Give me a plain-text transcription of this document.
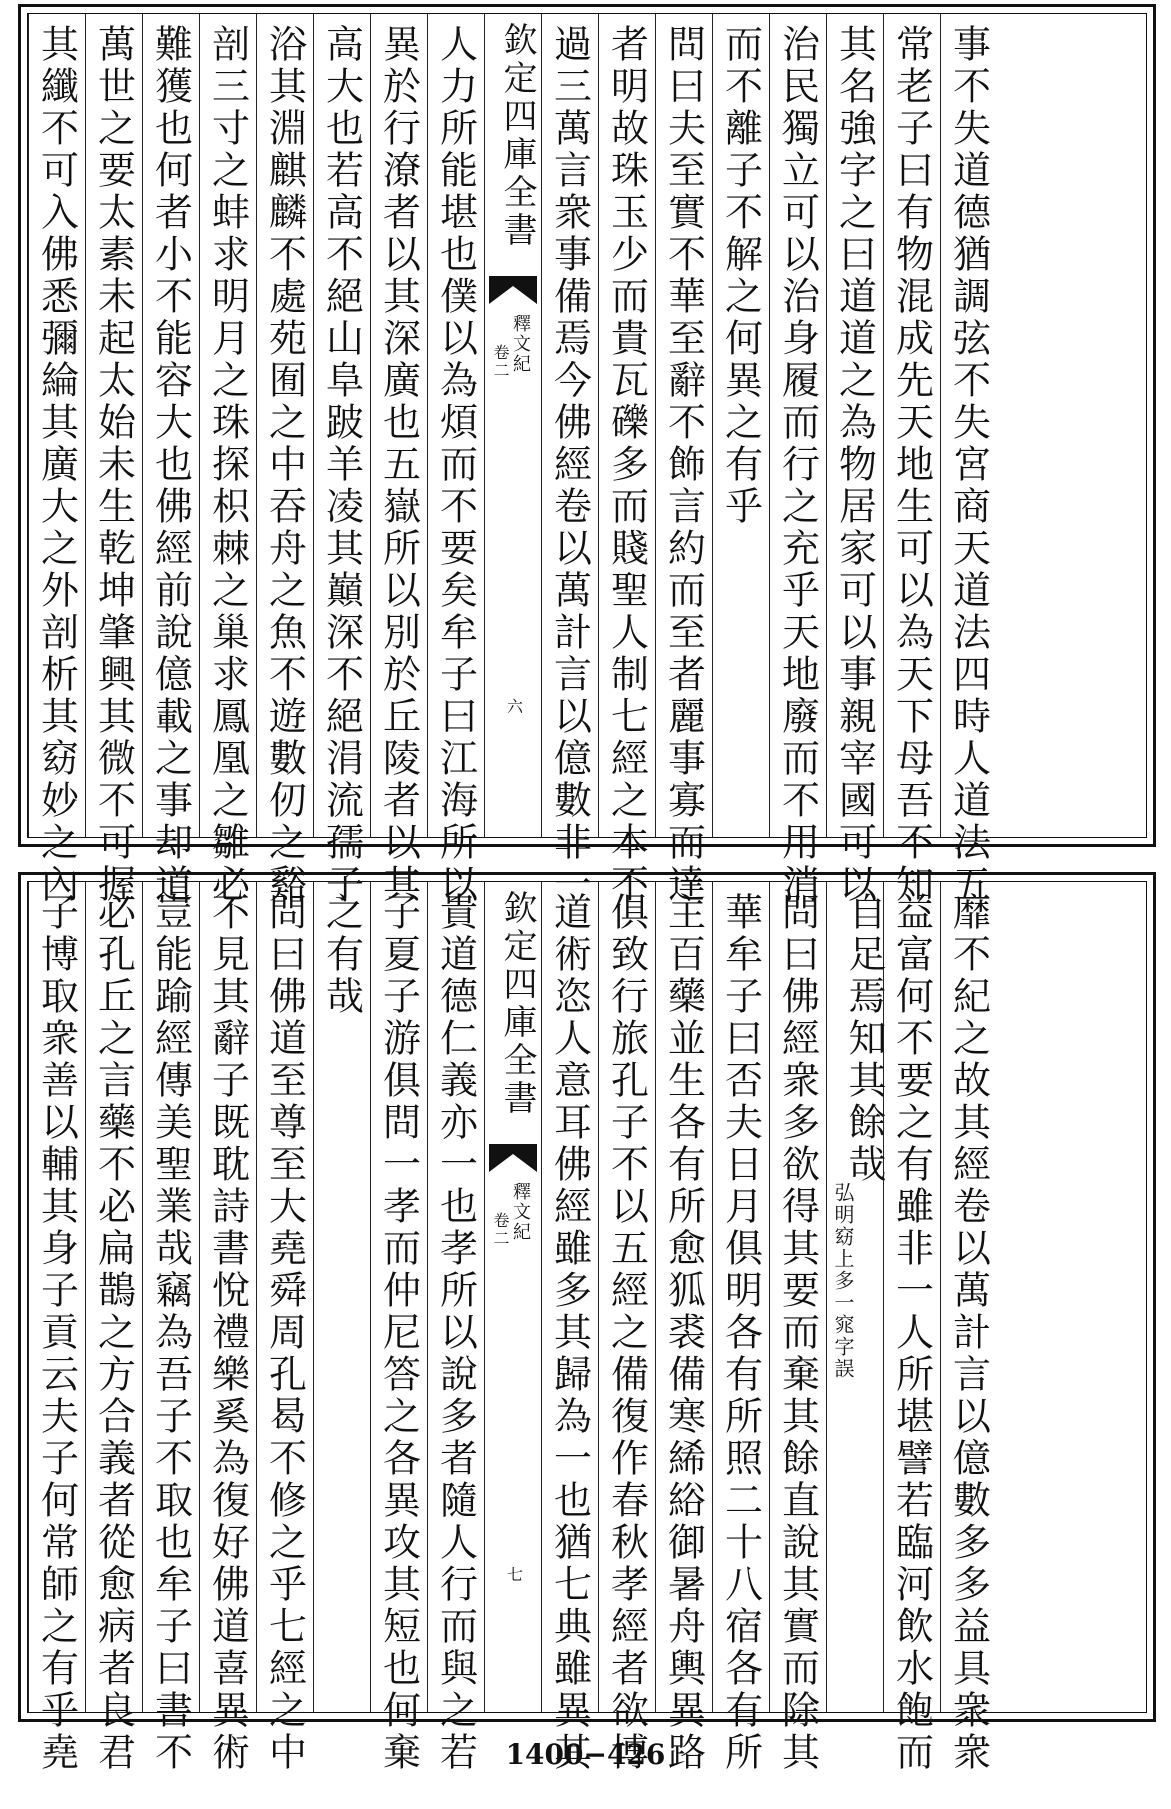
其纖不可入佛悉彌綸其廣大之外剖析其窈妙之內 萬世之要太素未起太始未生乾坤肇興其微不可握 難獲也何者小不能容大也佛經前說億載之事却道 剖三寸之蚌求明月之珠探枳棘之巢求鳳凰之雛必 浴其淵麒麟不處苑囿之中吞舟之魚不遊數仞之谿 高大也若高不絕山阜跛羊凌其巔深不絕涓流孺子 異於行潦者以其深廣也五嶽所以別於丘陵者以其 人力所能堪也僕以為煩而不要矣牟子曰江海所以 欽定四庫全書
釋文紀
卷二
六 過三萬言衆事備焉今佛經卷以萬計言以億數非一 者明故珠玉少而貴瓦礫多而賤聖人制七經之本不 問曰夫至實不華至辭不飾言約而至者麗事寡而達 而不離子不解之何異之有乎 治民獨立可以治身履而行之充乎天地廢而不用消 其名強字之曰道道之為物居家可以事親宰國可以 常老子曰有物混成先天地生可以為天下母吾不知 事不失道德猶調弦不失宮商天道法四時人道法五
子博取衆善以輔其身子貢云夫子何常師之有乎堯 必孔丘之言藥不必扁鵲之方合義者從愈病者良君 豈能踰經傳美聖業哉竊為吾子不取也牟子曰書不 不見其辭子既耽詩書悅禮樂奚為復好佛道喜異術 問曰佛道至尊至大堯舜周孔曷不修之乎七經之中 之有哉 子夏子游俱問一孝而仲尼答之各異攻其短也何棄 貴道德仁義亦一也孝所以說多者隨人行而與之若 欽定四庫全書
釋文紀
卷二
七 道術恣人意耳佛經雖多其歸為一也猶七典雖異其 俱致行旅孔子不以五經之備復作春秋孝經者欲博 主百藥並生各有所愈狐裘備寒絺綌御暑舟輿異路 華牟子曰否夫日月俱明各有所照二十八宿各有所 問曰佛經衆多欲得其要而棄其餘直說其實而除其 自足焉知其餘哉
弘明窈上多一窕字誤 益富何不要之有雖非一人所堪譬若臨河飲水飽而 靡不紀之故其經卷以萬計言以億數多多益具衆衆
1400−426
